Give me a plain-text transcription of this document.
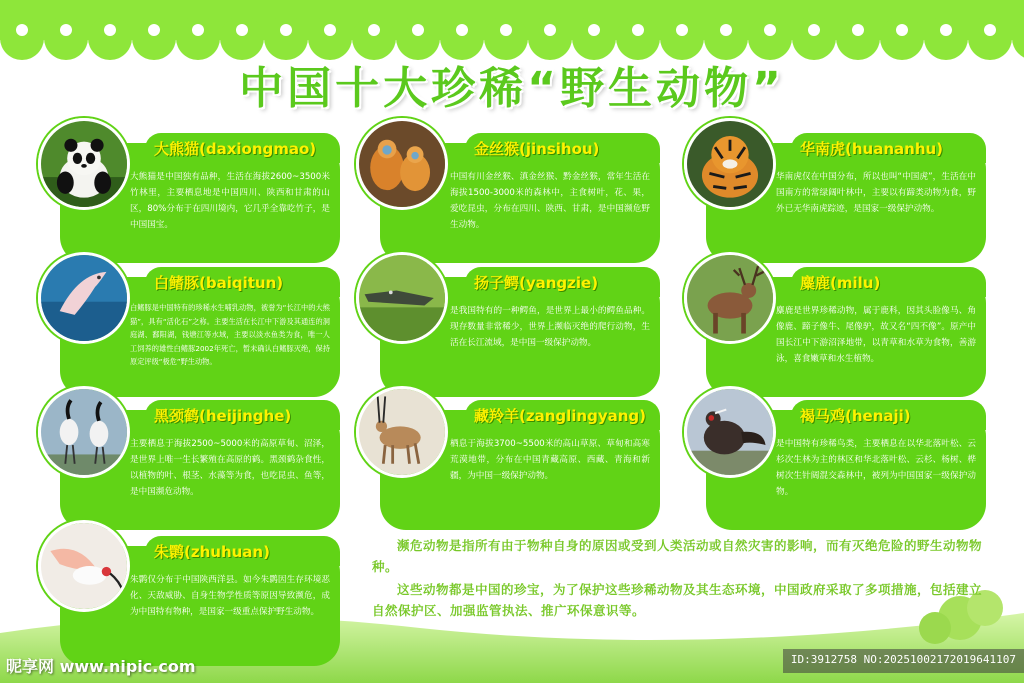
中国十大珍稀“野生动物”
大熊猫(daxiongmao)
大熊猫是中国独有品种，生活在海拔2600~3500米竹林里，主要栖息地是中国四川、陕西和甘肃的山区，80%分布于在四川境内，它几乎全靠吃竹子，是中国国宝。
白鳍豚(baiqitun)
白鳍豚是中国特有的珍稀水生哺乳动物，被誉为“长江中的大熊猫”，具有“活化石”之称。主要生活在长江中下游及其通连的洞庭湖、鄱阳湖，钱塘江等水域，主要以淡水鱼类为食，唯一人工饲养的雄性白鳍豚2002年死亡，暂未确认白鳍豚灭绝，保持原定评级“极危”野生动物。
黑颈鹤(heijinghe)
主要栖息于海拔2500~5000米的高原草甸、沼泽，是世界上唯一生长繁殖在高原的鹤。黑颈鹤杂食性，以植物的叶、根茎、水藻等为食，也吃昆虫、鱼等，是中国濒危动物。
朱鹮(zhuhuan)
朱鹮仅分布于中国陕西洋县。如今朱鹮因生存环境恶化、天敌威胁、自身生物学性质等原因导致濒危，成为中国特有物种，是国家一级重点保护野生动物。
金丝猴(jinsihou)
中国有川金丝猴、滇金丝猴、黔金丝猴，常年生活在海拔1500-3000米的森林中，主食树叶，花、果，爱吃昆虫，分布在四川、陕西、甘肃，是中国濒危野生动物。
扬子鳄(yangzie)
是我国特有的一种鳄鱼，是世界上最小的鳄鱼品种。现存数量非常稀少，世界上濒临灭绝的爬行动物，生活在长江流域，是中国一级保护动物。
藏羚羊(zanglingyang)
栖息于海拔3700~5500米的高山草原、草甸和高寒荒漠地带，分布在中国青藏高原、西藏、青海和新疆，为中国一级保护动物。
华南虎(huananhu)
华南虎仅在中国分布，所以也叫“中国虎”，生活在中国南方的常绿阔叶林中，主要以有蹄类动物为食，野外已无华南虎踪迹，是国家一级保护动物。
麋鹿(milu)
麋鹿是世界珍稀动物，属于鹿科，因其头脸像马、角像鹿、蹄子像牛、尾像驴，故又名“四不像”。原产中国长江中下游沼泽地带，以青草和水草为食物，善游泳，喜食嫩草和水生植物。
褐马鸡(henaji)
是中国特有珍稀鸟类，主要栖息在以华北落叶松、云杉次生林为主的林区和华北落叶松、云杉、杨树、桦树次生针阔混交森林中，被列为中国国家一级保护动物。

濒危动物是指所有由于物种自身的原因或受到人类活动或自然灾害的影响，而有灭绝危险的野生动物物种。

这些动物都是中国的珍宝，为了保护这些珍稀动物及其生态环境，中国政府采取了多项措施，包括建立自然保护区、加强监管执法、推广环保意识等。

昵享网 www.nipic.com	ID:3912758 NO:20251002172019641107
